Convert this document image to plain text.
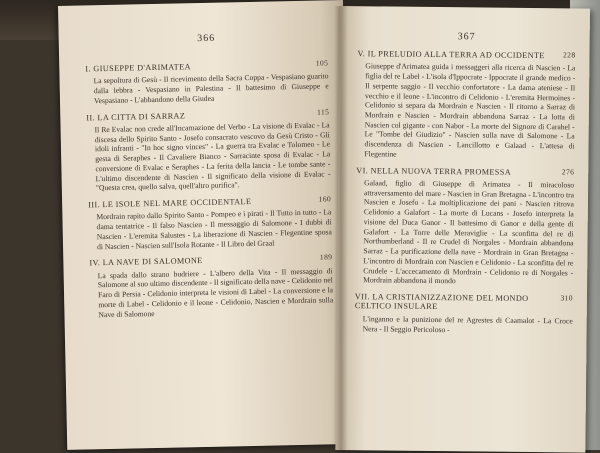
366
I. GIUSEPPE D'ARIMATEA	105
La sepoltura di Gesù - Il ricevimento della Sacra Coppa - Vespasiano guarito dalla lebbra - Vespasiano in Palestina - Il battesimo di Giuseppe e Vespasiano - L'abbandono della Giudea
II. LA CITTA DI SARRAZ	115
Il Re Evalac non crede all'Incarnazione del Verbo - La visione di Evalac - La discesa dello Spirito Santo - Josefo consacrato vescovo da Gesù Cristo - Gli idoli infranti - "In hoc signo vinces" - La guerra tra Evalac e Tolomeo - Le gesta di Seraphes - Il Cavaliere Bianco - Sarracinte sposa di Evalac - La conversione di Evalac e Seraphes - La ferita della lancia - Le tombe sante - L'ultimo discendente di Nascien - Il significato della visione di Evalac - "Questa crea, quello salva, quell'altro purifica".
III. LE ISOLE NEL MARE OCCIDENTALE	160
Mordrain rapito dallo Spirito Santo - Pompeo e i pirati - Il Tutto in tutto - La dama tentatrice - Il falso Nascien - Il messaggio di Salomone - I dubbi di Nascien - L'eremita Salustes - La liberazione di Nascien - Flegentine sposa di Nascien - Nascien sull'Isola Rotante - Il Libro del Graal
IV. LA NAVE DI SALOMONE	189
La spada dallo strano budriere - L'albero della Vita - Il messaggio di Salomone al suo ultimo discendente - Il significato della nave - Celidonio nel Faro di Persia - Celidonio interpreta le visioni di Label - La conversione e la morte di Label - Celidonio e il leone - Celidonio, Nascien e Mordrain sulla Nave di Salomone
367
V. IL PRELUDIO ALLA TERRA AD OCCIDENTE 228
Giuseppe d'Arimatea guida i messaggeri alla ricerca di Nascien - La figlia del re Label - L'isola d'Ippocrate - Ippocrate il grande medico - Il serpente saggio - Il vecchio confortatore - La dama ateniese - Il vecchio e il leone - L'incontro di Celidonio - L'eremita Hermoines - Celidonio si separa da Mordrain e Nascien - Il ritorno a Sarraz di Mordrain e Nascien - Mordrain abbandona Sarraz - La lotta di Nascien col gigante - con Nabor - La morte del Signore di Carahel - Le "Tombe del Giudizio" - Nascien sulla nave di Salomone - La discendenza di Nascien - Lancillotto e Galaad - L'attesa di Flegentine
VI. NELLA NUOVA TERRA PROMESSA	276
Galaad, figlio di Giuseppe di Arimatea - Il miracoloso attraversamento del mare - Nascien in Gran Bretagna - L'incontro tra Nascien e Josefo - La moltiplicazione dei pani - Nascien ritrova Celidonio a Galafort - La morte di Lucans - Josefo interpreta la visione del Duca Ganor - Il battesimo di Ganor e della gente di Galafort - La Torre delle Meraviglie - La sconfitta del re di Northumberland - Il re Crudel di Norgales - Mordrain abbandona Sarraz - La purificazione della nave - Mordrain in Gran Bretagna - L'incontro di Mordrain con Nascien e Celidonio - La sconfitta del re Crudele - L'accecamento di Mordrain - Celidonio re di Norgales - Mordrain abbandona il mondo
VII. LA CRISTIANIZZAZIONE DEL MONDO CELTICO INSULARE
310
L'inganno e la punizione del re Agrestes di Caamalot - La Croce Nera - Il Seggio Pericoloso -
